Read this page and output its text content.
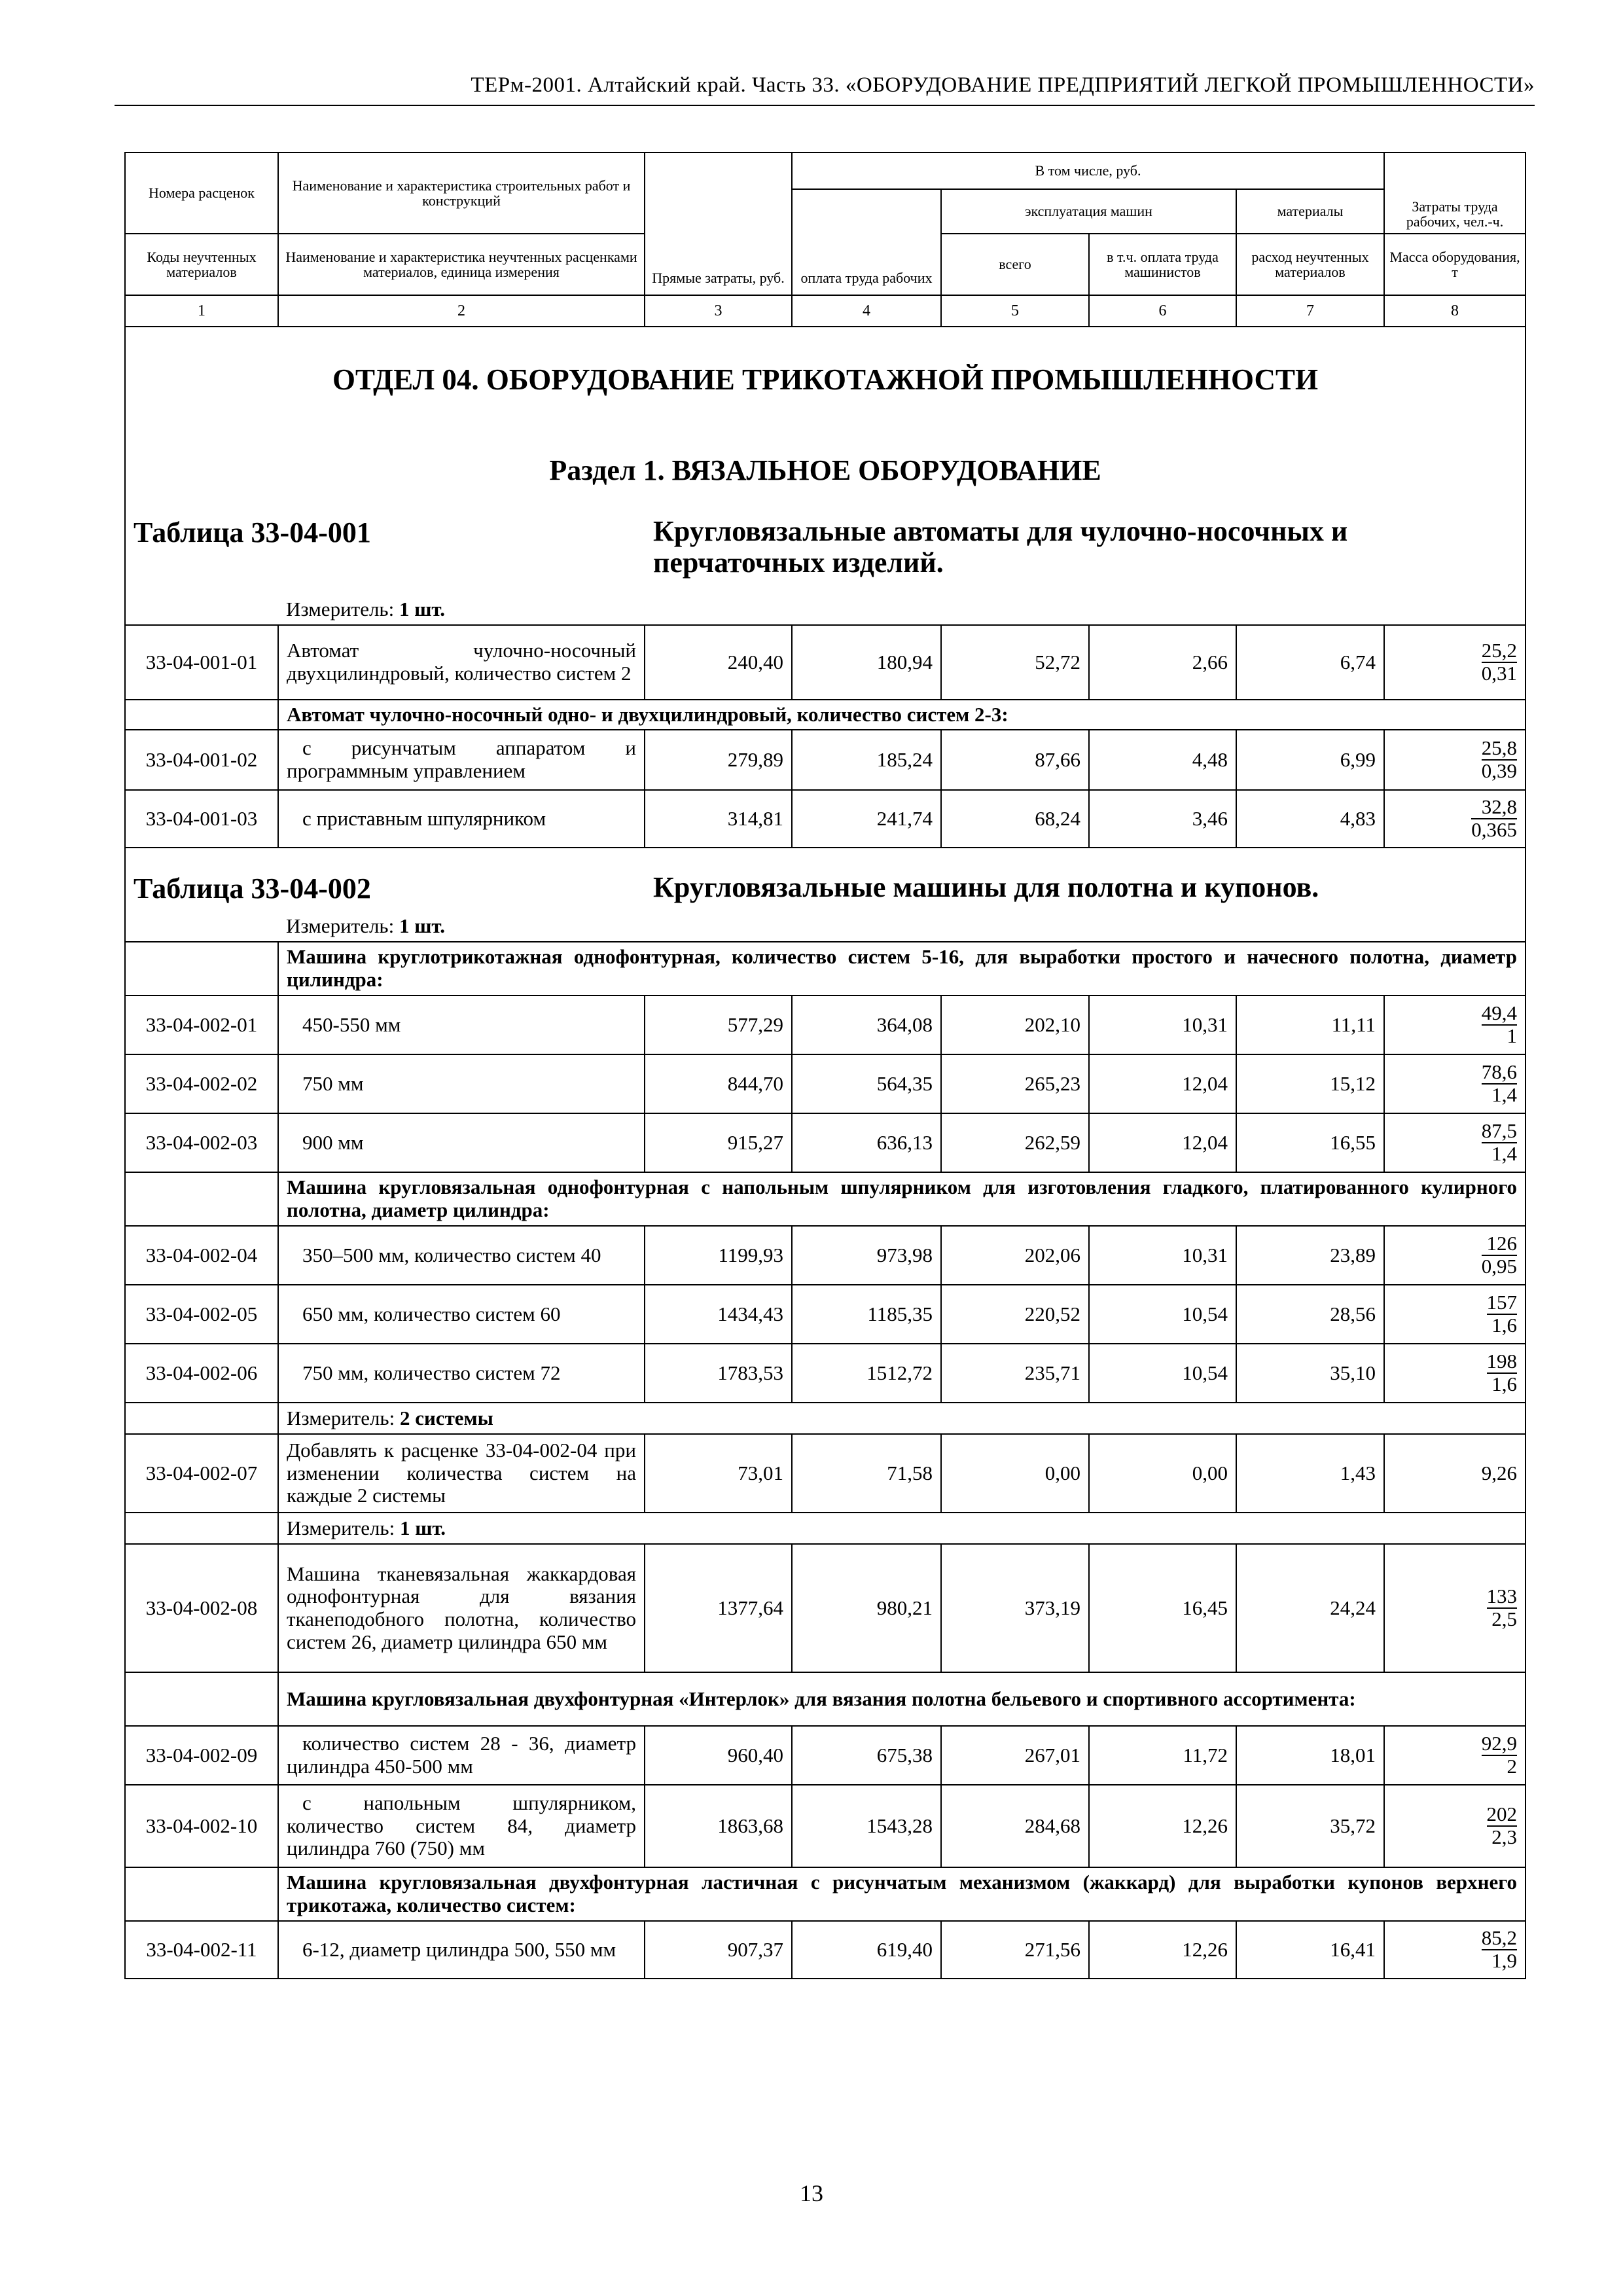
ТЕРм-2001. Алтайский край. Часть 33. «ОБОРУДОВАНИЕ ПРЕДПРИЯТИЙ ЛЕГКОЙ ПРОМЫШЛЕННОСТИ»
Номера расценок	Наименование и характеристика строительных работ и конструкций	Прямые затраты, руб.	В том числе, руб.				Затраты труда рабочих, чел.-ч.
			оплата труда рабочих	эксплуатация машин		материалы	
Коды неучтенных материалов	Наименование и характеристика неучтенных расценками материалов, единица измерения			всего	в т.ч. оплата труда машинистов	расход неучтенных материалов	Масса оборудования, т
1	2	3	4	5	6	7	8
ОТДЕЛ 04. ОБОРУДОВАНИЕ ТРИКОТАЖНОЙ ПРОМЫШЛЕННОСТИ							
Раздел 1. ВЯЗАЛЬНОЕ ОБОРУДОВАНИЕ							

Таблица 33-04-001 Кругловязальные автоматы для чулочно-носочных и перчаточных изделий.							

	Измеритель: 1 шт.						
33-04-001-01	Автомат чулочно-носочный двухцилиндровый, количество систем 2	240,40	180,94	52,72	2,66	6,74	$\frac{25,2}{0,31}$

	Автомат чулочно-носочный одно- и двухцилиндровый, количество систем 2-3:						
33-04-001-02	с рисунчатым аппаратом и программным управлением	279,89	185,24	87,66	4,48	6,99	$\frac{25,8}{0,39}$

33-04-001-03	с приставным шпулярником	314,81	241,74	68,24	3,46	4,83	$\frac{32,8}{0,365}$

Таблица 33-04-002 Кругловязальные машины для полотна и купонов.							

	Измеритель: 1 шт.						
	Машина круглотрикотажная однофонтурная, количество систем 5-16, для выработки простого и начесного полотна, диаметр цилиндра:						
33-04-002-01	450-550 мм	577,29	364,08	202,10	10,31	11,11	$\frac{49,4}{1}$

33-04-002-02	750 мм	844,70	564,35	265,23	12,04	15,12	$\frac{78,6}{1,4}$

33-04-002-03	900 мм	915,27	636,13	262,59	12,04	16,55	$\frac{87,5}{1,4}$

	Машина кругловязальная однофонтурная с напольным шпулярником для изготовления гладкого, платированного кулирного полотна, диаметр цилиндра:						
33-04-002-04	350–500 мм, количество систем 40	1199,93	973,98	202,06	10,31	23,89	$\frac{126}{0,95}$

33-04-002-05	650 мм, количество систем 60	1434,43	1185,35	220,52	10,54	28,56	$\frac{157}{1,6}$

33-04-002-06	750 мм, количество систем 72	1783,53	1512,72	235,71	10,54	35,10	$\frac{198}{1,6}$

	Измеритель: 2 системы						
33-04-002-07	Добавлять к расценке 33-04-002-04 при изменении количества систем на каждые 2 системы	73,01	71,58	0,00	0,00	1,43	9,26
	Измеритель: 1 шт.						
33-04-002-08	Машина тканевязальная жаккардовая однофонтурная для вязания тканеподобного полотна, количество систем 26, диаметр цилиндра 650 мм	1377,64	980,21	373,19	16,45	24,24	$\frac{133}{2,5}$

	Машина кругловязальная двухфонтурная «Интерлок» для вязания полотна бельевого и спортивного ассортимента:						
33-04-002-09	количество систем 28 - 36, диаметр цилиндра 450-500 мм	960,40	675,38	267,01	11,72	18,01	$\frac{92,9}{2}$

33-04-002-10	с напольным шпулярником, количество систем 84, диаметр цилиндра 760 (750) мм	1863,68	1543,28	284,68	12,26	35,72	$\frac{202}{2,3}$

	Машина кругловязальная двухфонтурная ластичная с рисунчатым механизмом (жаккард) для выработки купонов верхнего трикотажа, количество систем:						
33-04-002-11	6-12, диаметр цилиндра 500, 550 мм	907,37	619,40	271,56	12,26	16,41	$\frac{85,2}{1,9}$
13
